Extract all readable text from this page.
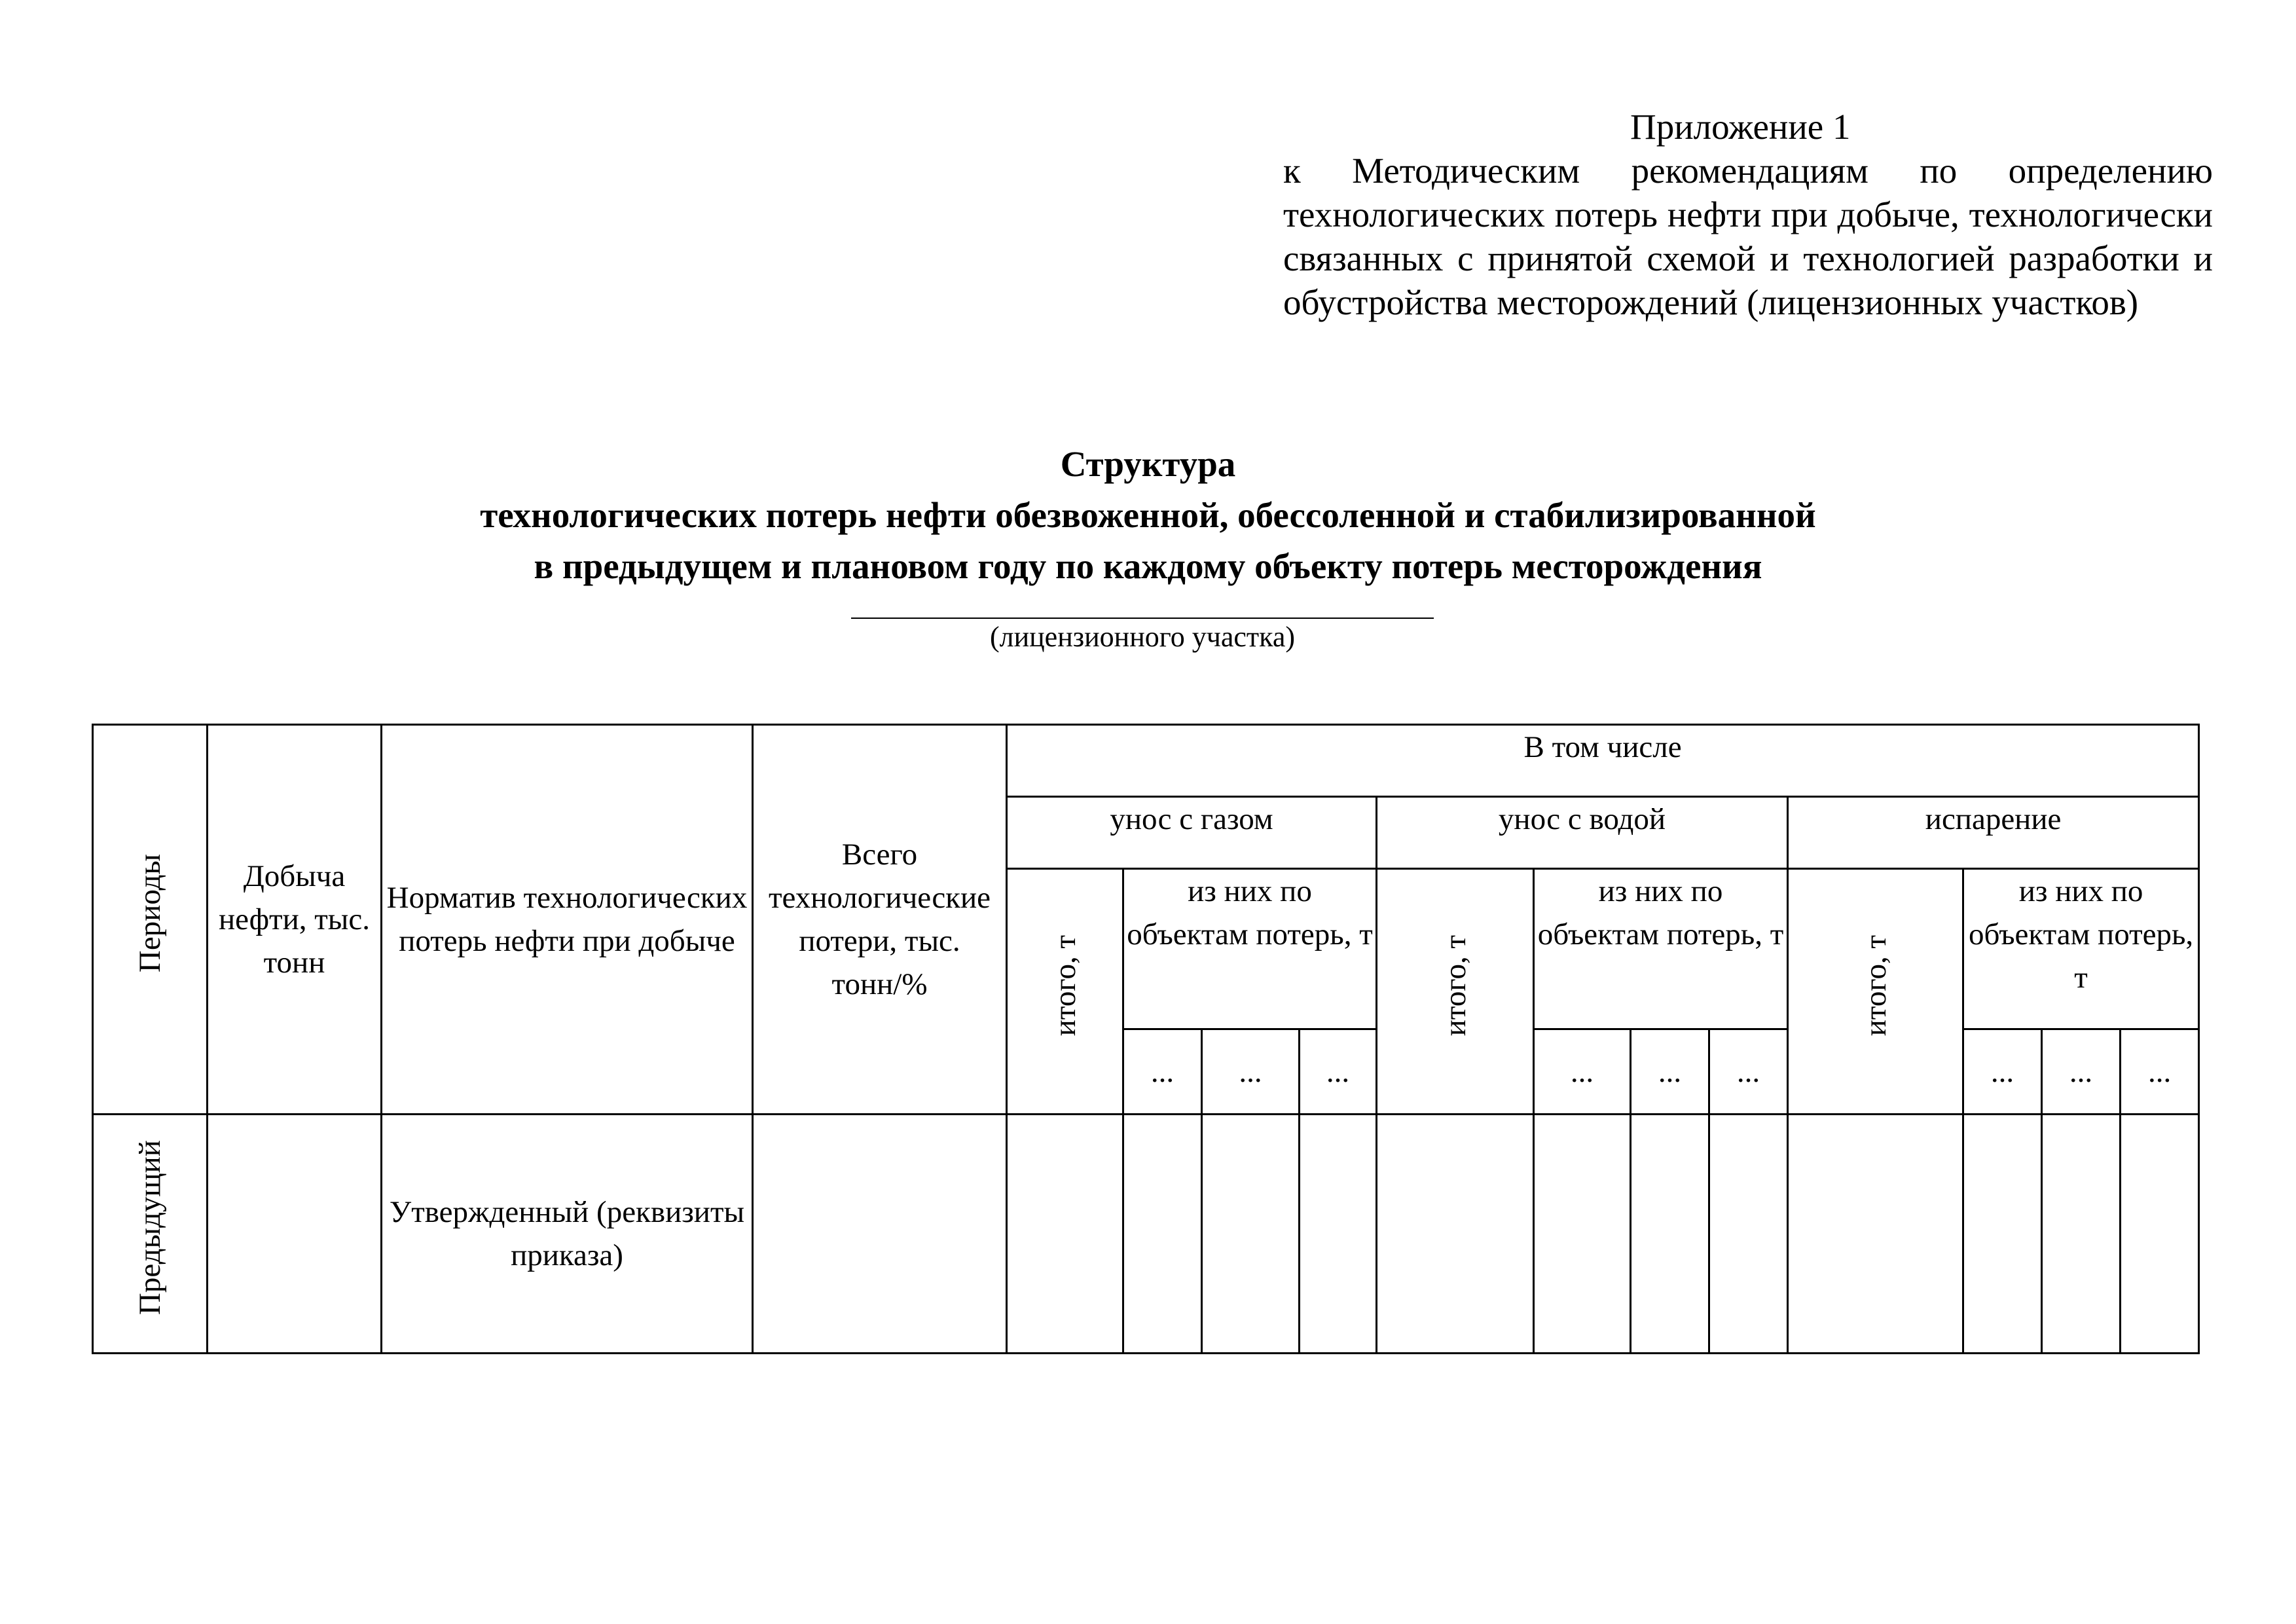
Приложение 1
к Методическим рекомендациям по определению технологических потерь нефти при добыче, технологически связанных с принятой схемой и технологией разработки и обустройства месторождений (лицензионных участков)
Структура
технологических потерь нефти обезвоженной, обессоленной и стабилизированной
в предыдущем и плановом году по каждому объекту потерь месторождения
(лицензионного участка)
Периоды	Добыча нефти, тыс. тонн	Норматив технологических потерь нефти при добыче	Всего технологические потери, тыс. тонн/%	В том числе											
				унос с газом				унос с водой				испарение			
				итого, т	из них по объектам потерь, т			итого, т	из них по объектам потерь, т			итого, т	из них по объектам потерь, т		
					...	...	...		...	...	...		...	...	...
Предыдущий		Утвержденный (реквизиты приказа)													
